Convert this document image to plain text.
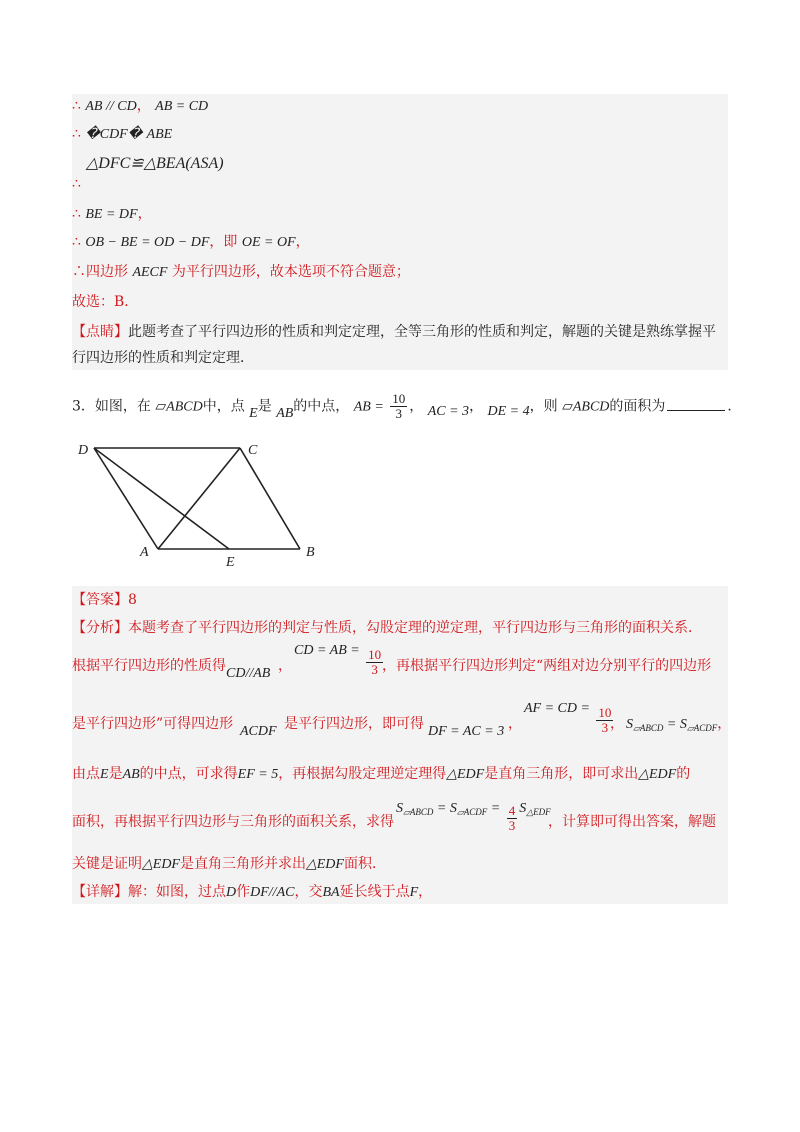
∴ AB // CD， AB = CD
∴ �CDF� ABE
∴
△DFC≌△BEA(ASA)
∴ BE = DF，
∴ OB − BE = OD − DF，即 OE = OF，
∴四边形 AECF 为平行四边形，故本选项不符合题意；
故选：B．
【点睛】此题考查了平行四边形的性质和判定定理，全等三角形的性质和判定，解题的关键是熟练掌握平
行四边形的性质和判定定理．
3．如图，在 ▱ABCD中，点 E是 AB的中点， AB = $\frac{10}{3}$ ， AC = 3， DE = 4，则 ▱ABCD的面积为	．
D	C
A
E
B
【答案】8
【分析】本题考查了平行四边形的判定与性质，勾股定理的逆定理，平行四边形与三角形的面积关系．
根据平行四边形的性质得 CD//AB ，
CD = AB = $\frac{10}{3}$
，再根据平行四边形判定“两组对边分别平行的四边形
是平行四边形”可得四边形 ACDF 是平行四边形，即可得 DF = AC = 3 ，
AF = CD = $\frac{10}{3}$
， $S_{▱ABCD} = S_{▱ACDF}$，
由点E是AB的中点，可求得EF = 5，再根据勾股定理逆定理得△EDF是直角三角形，即可求出△EDF的
面积，再根据平行四边形与三角形的面积关系，求得
$S^{▱ABCD} = S^{▱ACDF} = \frac{4}{3} S^{\triangle EDF}$
，计算即可得出答案，解题
关键是证明△EDF是直角三角形并求出△EDF面积．
【详解】解：如图，过点D作DF//AC，交BA延长线于点F，
